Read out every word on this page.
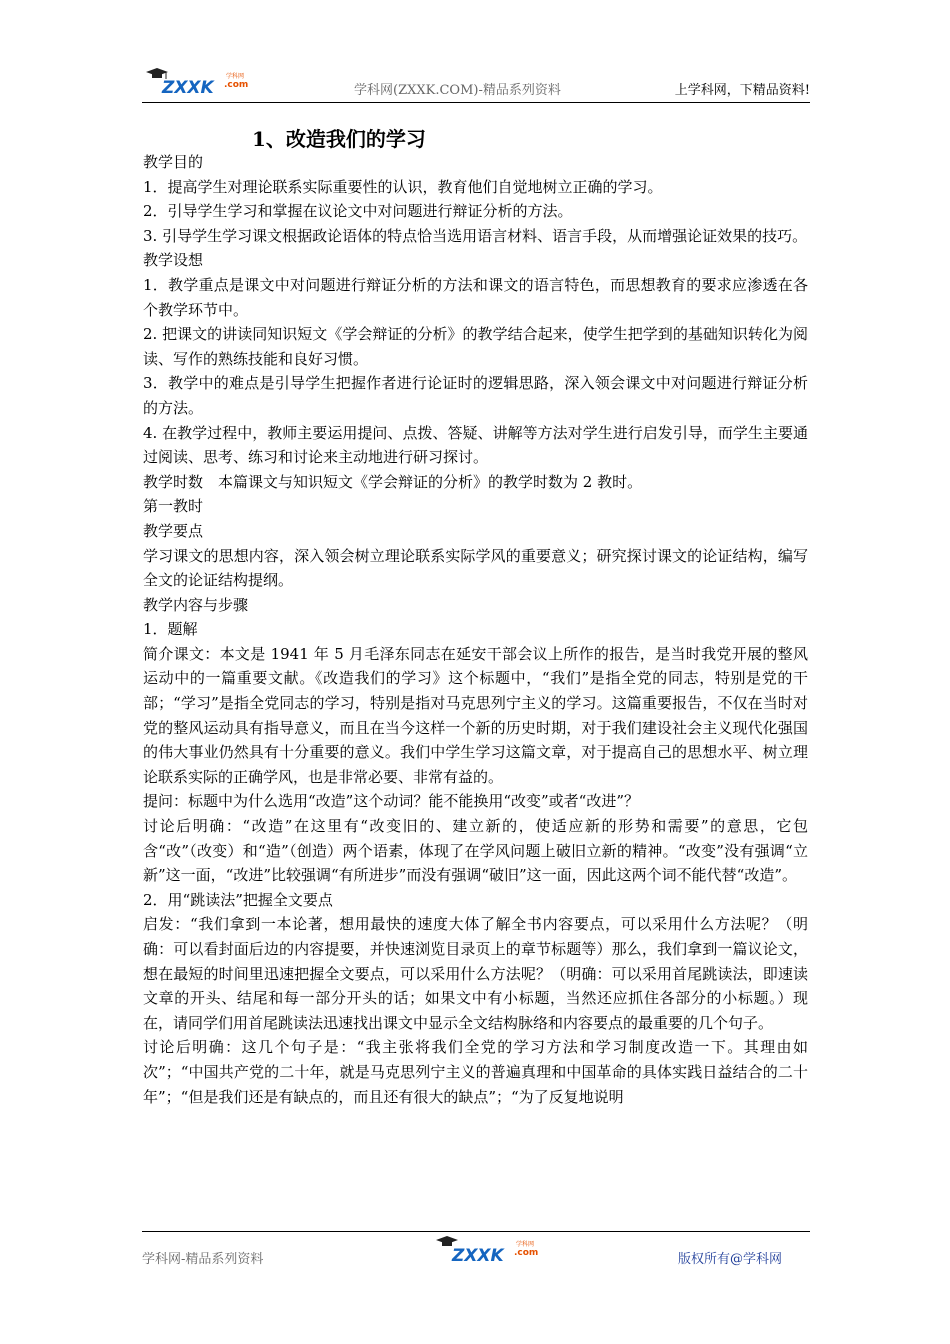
ZXXK
学科网
.com	学科网(ZXXK.COM)-精品系列资料	上学科网，下精品资料!
1、改造我们的学习

教学目的

1．提高学生对理论联系实际重要性的认识，教育他们自觉地树立正确的学习。

2．引导学生学习和掌握在议论文中对问题进行辩证分析的方法。

3. 引导学生学习课文根据政论语体的特点恰当选用语言材料、语言手段，从而增强论证效果的技巧。

教学设想

1．教学重点是课文中对问题进行辩证分析的方法和课文的语言特色，而思想教育的要求应渗透在各个教学环节中。

2. 把课文的讲读同知识短文《学会辩证的分析》的教学结合起来，使学生把学到的基础知识转化为阅读、写作的熟练技能和良好习惯。

3．教学中的难点是引导学生把握作者进行论证时的逻辑思路，深入领会课文中对问题进行辩证分析的方法。

4. 在教学过程中，教师主要运用提问、点拨、答疑、讲解等方法对学生进行启发引导，而学生主要通过阅读、思考、练习和讨论来主动地进行研习探讨。

教学时数　本篇课文与知识短文《学会辩证的分析》的教学时数为 2 教时。

第一教时

教学要点

学习课文的思想内容，深入领会树立理论联系实际学风的重要意义；研究探讨课文的论证结构，编写全文的论证结构提纲。

教学内容与步骤

1．题解

简介课文：本文是 1941 年 5 月毛泽东同志在延安干部会议上所作的报告，是当时我党开展的整风运动中的一篇重要文献。《改造我们的学习》这个标题中，“我们”是指全党的同志，特别是党的干部；“学习”是指全党同志的学习，特别是指对马克思列宁主义的学习。这篇重要报告，不仅在当时对党的整风运动具有指导意义，而且在当今这样一个新的历史时期，对于我们建设社会主义现代化强国的伟大事业仍然具有十分重要的意义。我们中学生学习这篇文章，对于提高自己的思想水平、树立理论联系实际的正确学风，也是非常必要、非常有益的。

提问：标题中为什么选用“改造”这个动词？能不能换用“改变”或者“改进”？

讨论后明确：“改造”在这里有“改变旧的、建立新的，使适应新的形势和需要”的意思，它包含“改”（改变）和“造”（创造）两个语素，体现了在学风问题上破旧立新的精神。“改变”没有强调“立新”这一面，“改进”比较强调“有所进步”而没有强调“破旧”这一面，因此这两个词不能代替“改造”。

2．用“跳读法”把握全文要点

启发：“我们拿到一本论著，想用最快的速度大体了解全书内容要点，可以采用什么方法呢？（明确：可以看封面后边的内容提要，并快速浏览目录页上的章节标题等）那么，我们拿到一篇议论文，想在最短的时间里迅速把握全文要点，可以采用什么方法呢？（明确：可以采用首尾跳读法，即速读文章的开头、结尾和每一部分开头的话；如果文中有小标题，当然还应抓住各部分的小标题。）现在，请同学们用首尾跳读法迅速找出课文中显示全文结构脉络和内容要点的最重要的几个句子。

讨论后明确：这几个句子是：“我主张将我们全党的学习方法和学习制度改造一下。其理由如次”；“中国共产党的二十年，就是马克思列宁主义的普遍真理和中国革命的具体实践日益结合的二十年”；“但是我们还是有缺点的，而且还有很大的缺点”；“为了反复地说明

学科网-精品系列资料	ZXXK
学科网
.com	版权所有@学科网
